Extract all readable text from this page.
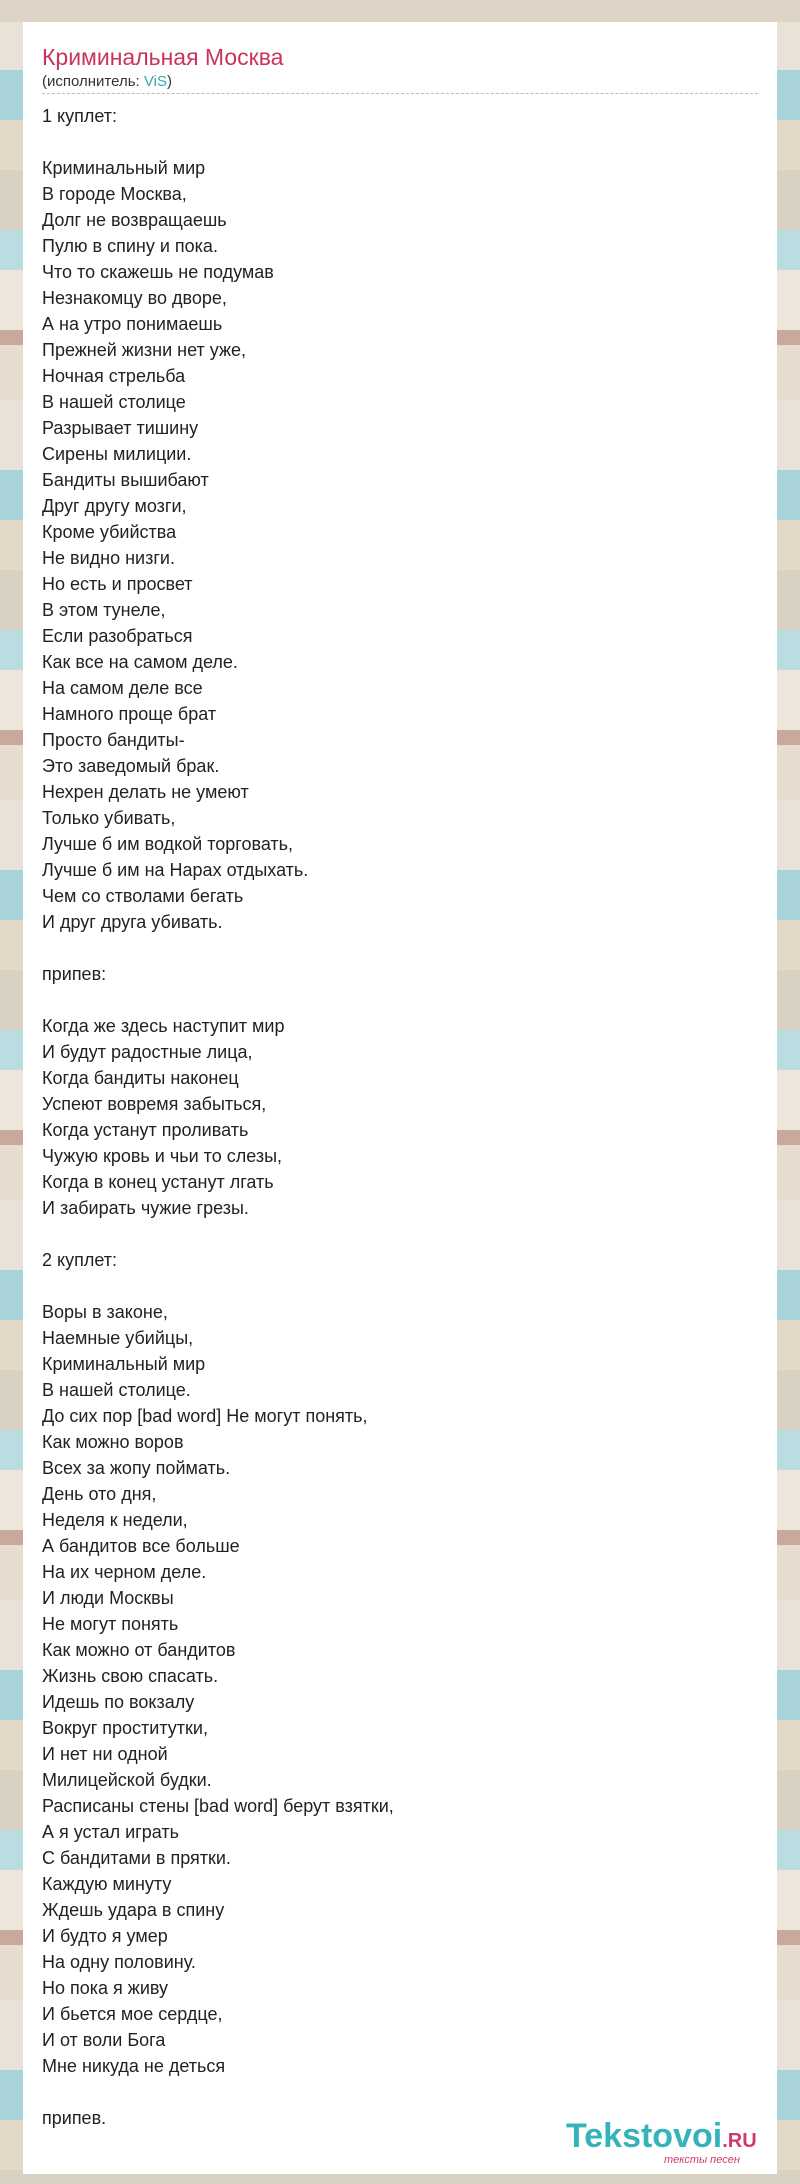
Криминальная Москва
(исполнитель: ViS)
1 куплет:
Криминальный мир
В городе Москва,
Долг не возвращаешь
Пулю в спину и пока.
Что то скажешь не подумав
Незнакомцу во дворе,
А на утро понимаешь
Прежней жизни нет уже,
Ночная стрельба
В нашей столице
Разрывает тишину
Сирены милиции.
Бандиты вышибают
Друг другу мозги,
Кроме убийства
Не видно низги.
Но есть и просвет
В этом тунеле,
Если разобраться
Как все на самом деле.
На самом деле все
Намного проще брат
Просто бандиты-
Это заведомый брак.
Нехрен делать не умеют
Только убивать,
Лучше б им водкой торговать,
Лучше б им на Нарах отдыхать.
Чем со стволами бегать
И друг друга убивать.
припев:
Когда же здесь наступит мир
И будут радостные лица,
Когда бандиты наконец
Успеют вовремя забыться,
Когда устанут проливать
Чужую кровь и чьи то слезы,
Когда в конец устанут лгать
И забирать чужие грезы.
2 куплет:
Воры в законе,
Наемные убийцы,
Криминальный мир
В нашей столице.
До сих пор [bad word] Не могут понять,
Как можно воров
Всех за жопу поймать.
День ото дня,
Неделя к недели,
А бандитов все больше
На их черном деле.
И люди Москвы
Не могут понять
Как можно от бандитов
Жизнь свою спасать.
Идешь по вокзалу
Вокруг проститутки,
И нет ни одной
Милицейской будки.
Расписаны стены [bad word] берут взятки,
А я устал играть
С бандитами в прятки.
Каждую минуту
Ждешь удара в спину
И будто я умер
На одну половину.
Но пока я живу
И бьется мое сердце,
И от воли Бога
Мне никуда не деться
припев.	Tekstovoi.RU
тексты песен
